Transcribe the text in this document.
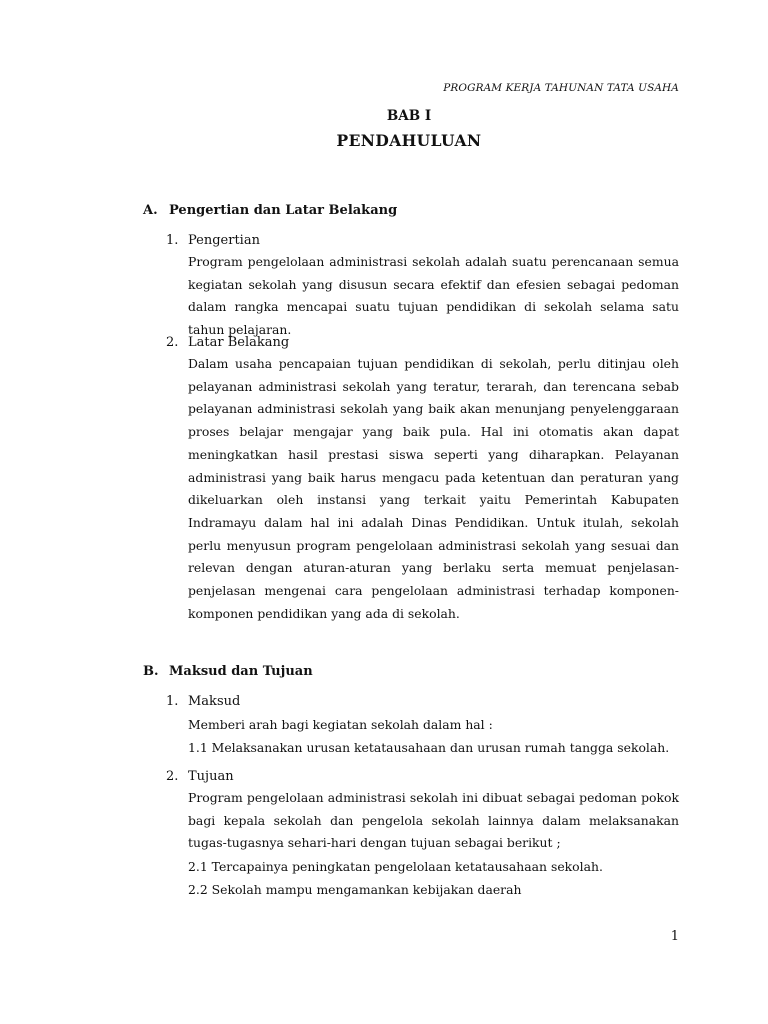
PROGRAM KERJA TAHUNAN TATA USAHA
BAB I
PENDAHULUAN
A. Pengertian dan Latar Belakang
1. Pengertian
Program pengelolaan administrasi sekolah adalah suatu perencanaan semua kegiatan sekolah yang disusun secara efektif dan efesien sebagai pedoman dalam rangka mencapai suatu tujuan pendidikan di sekolah selama satu tahun pelajaran.
2. Latar Belakang
Dalam usaha pencapaian tujuan pendidikan di sekolah, perlu ditinjau oleh pelayanan administrasi sekolah yang teratur, terarah, dan terencana sebab pelayanan administrasi sekolah yang baik akan menunjang penyelenggaraan proses belajar mengajar yang baik pula. Hal ini otomatis akan dapat meningkatkan hasil prestasi siswa seperti yang diharapkan. Pelayanan administrasi yang baik harus mengacu pada ketentuan dan peraturan yang dikeluarkan oleh instansi yang terkait yaitu Pemerintah Kabupaten Indramayu dalam hal ini adalah Dinas Pendidikan. Untuk itulah, sekolah perlu menyusun program pengelolaan administrasi sekolah yang sesuai dan relevan dengan aturan-aturan yang berlaku serta memuat penjelasan-penjelasan mengenai cara pengelolaan administrasi terhadap komponen-komponen pendidikan yang ada di sekolah.
B. Maksud dan Tujuan
1. Maksud
Memberi arah bagi kegiatan sekolah dalam hal :
1.1 Melaksanakan urusan ketatausahaan dan urusan rumah tangga sekolah.
2. Tujuan
Program pengelolaan administrasi sekolah ini dibuat sebagai pedoman pokok bagi kepala sekolah dan pengelola sekolah lainnya dalam melaksanakan tugas-tugasnya sehari-hari dengan tujuan sebagai berikut ;
2.1 Tercapainya peningkatan pengelolaan ketatausahaan sekolah.
2.2 Sekolah mampu mengamankan kebijakan daerah
1
